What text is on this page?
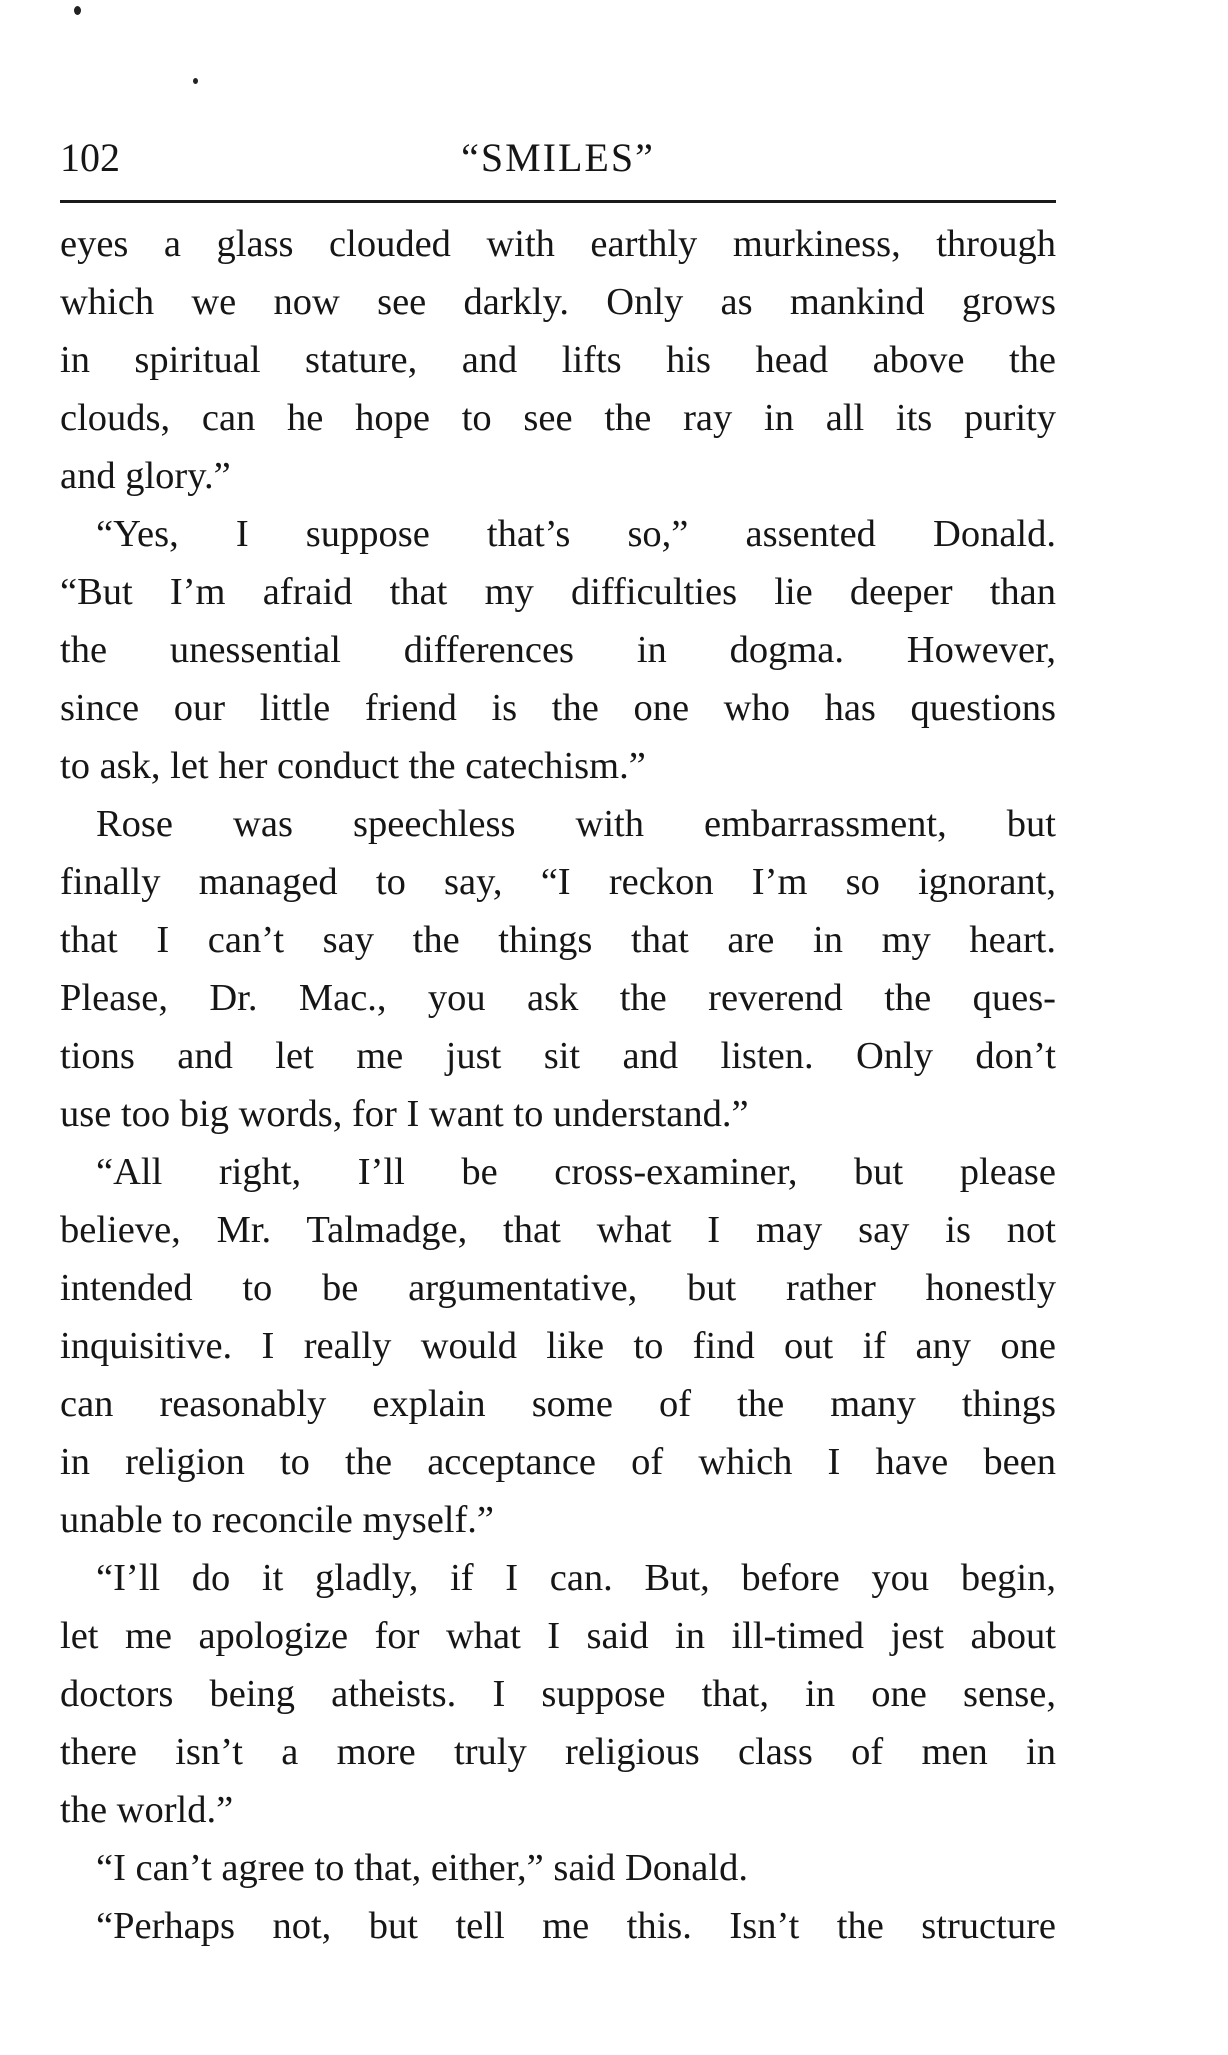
102	“SMILES”
eyes a glass clouded with earthly murkiness, through
which we now see darkly. Only as mankind grows
in spiritual stature, and lifts his head above the
clouds, can he hope to see the ray in all its purity
and glory.”
“Yes, I suppose that’s so,” assented Donald.
“But I’m afraid that my difficulties lie deeper than
the unessential differences in dogma. However,
since our little friend is the one who has questions
to ask, let her conduct the catechism.”
Rose was speechless with embarrassment, but
finally managed to say, “I reckon I’m so ignorant,
that I can’t say the things that are in my heart.
Please, Dr. Mac., you ask the reverend the ques-
tions and let me just sit and listen. Only don’t
use too big words, for I want to understand.”
“All right, I’ll be cross-examiner, but please
believe, Mr. Talmadge, that what I may say is not
intended to be argumentative, but rather honestly
inquisitive. I really would like to find out if any one
can reasonably explain some of the many things
in religion to the acceptance of which I have been
unable to reconcile myself.”
“I’ll do it gladly, if I can. But, before you begin,
let me apologize for what I said in ill-timed jest about
doctors being atheists. I suppose that, in one sense,
there isn’t a more truly religious class of men in
the world.”
“I can’t agree to that, either,” said Donald.
“Perhaps not, but tell me this. Isn’t the structure
